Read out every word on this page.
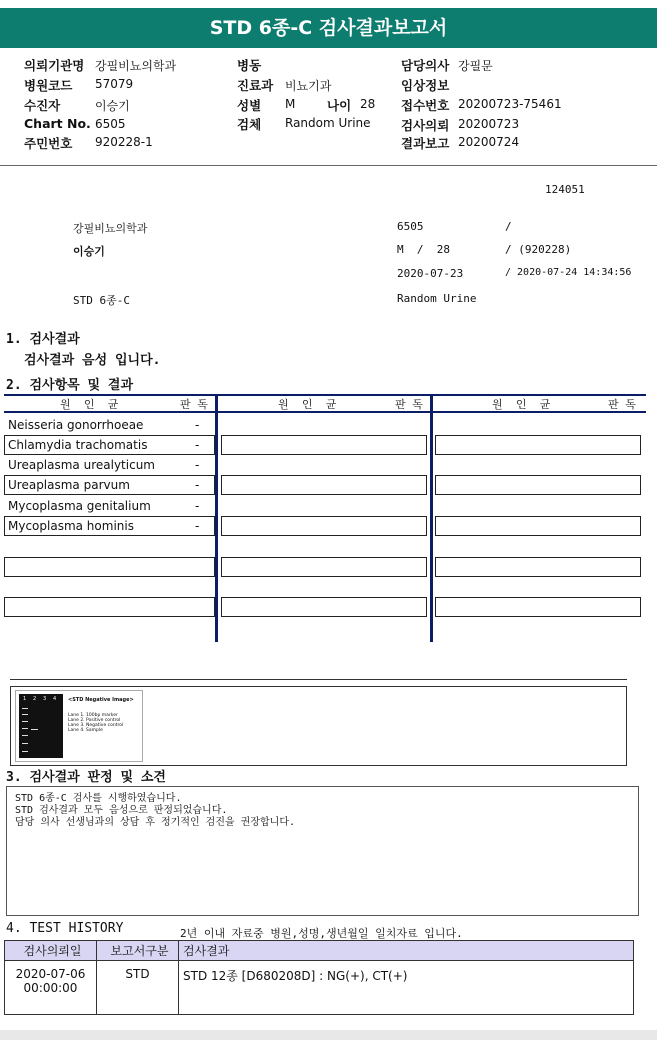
STD 6종-C 검사결과보고서
의뢰기관명 강필비뇨의학과
병원코드 57079
수진자	이승기
Chart No. 6505
주민번호 920228-1
병동
진료과 비뇨기과
성별 M	나이 28
검체 Random Urine
담당의사 강필문
임상정보
접수번호 20200723-75461
검사의뢰 20200723
결과보고 20200724
124051
강필비뇨의학과	6505	/
이승기	M  /  28	/ (920228)
2020-07-23	/ 2020-07-24 14:34:56
STD 6종-C	Random Urine
1. 검사결과
검사결과 음성 입니다.
2. 검사항목 및 결과
원  인  균	판 독	원  인  균	판 독	원  인  균	판 독
Neisseria gonorrhoeae	-
Chlamydia trachomatis	-
Ureaplasma urealyticum	-
Ureaplasma parvum	-
Mycoplasma genitalium	-
Mycoplasma hominis	-
1 2 3 4 <STD Negative Image>
Lane 1. 100bp marker
Lane 2. Positive control
Lane 3. Negative control
Lane 4. Sample
3. 검사결과 판정 및 소견
STD 6종-C 검사를 시행하였습니다.
STD 검사결과 모두 음성으로 판정되었습니다.
담당 의사 선생님과의 상담 후 정기적인 검진을 권장합니다.
4. TEST HISTORY	2년 이내 자료중 병원,성명,생년월일 일치자료 입니다.
검사의뢰일	보고서구분	검사결과

2020-07-06
00:00:00	STD	STD 12종 [D680208D] : NG(+), CT(+)
